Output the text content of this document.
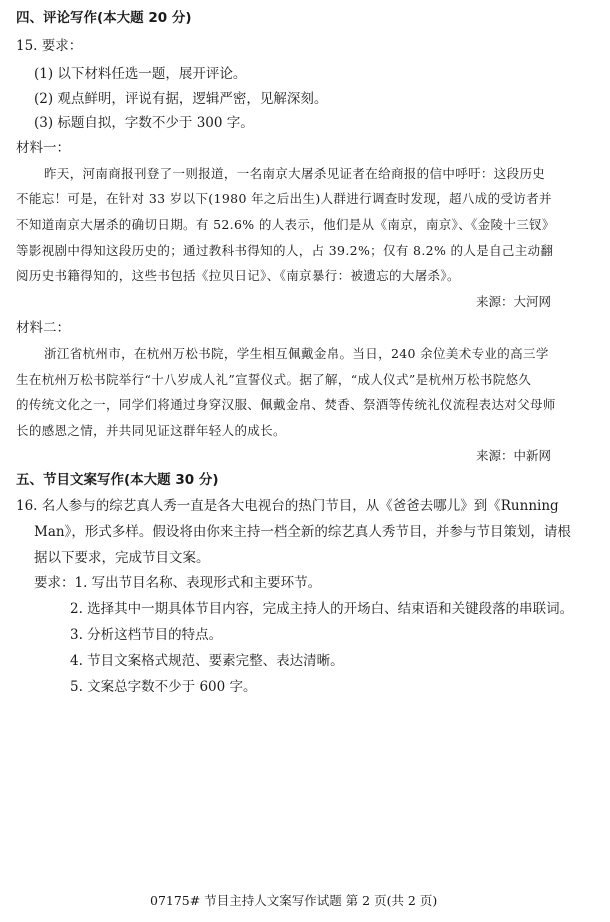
四、评论写作(本大题 20 分)
15. 要求：
(1) 以下材料任选一题，展开评论。
(2) 观点鲜明，评说有据，逻辑严密，见解深刻。
(3) 标题自拟，字数不少于 300 字。
材料一：
昨天，河南商报刊登了一则报道，一名南京大屠杀见证者在给商报的信中呼吁：这段历史
不能忘！可是，在针对 33 岁以下(1980 年之后出生)人群进行调查时发现，超八成的受访者并
不知道南京大屠杀的确切日期。有 52.6% 的人表示，他们是从《南京，南京》、《金陵十三钗》
等影视剧中得知这段历史的；通过教科书得知的人，占 39.2%；仅有 8.2% 的人是自己主动翻
阅历史书籍得知的，这些书包括《拉贝日记》、《南京暴行：被遗忘的大屠杀》。
来源：大河网
材料二：
浙江省杭州市，在杭州万松书院，学生相互佩戴金帛。当日，240 余位美术专业的高三学
生在杭州万松书院举行“十八岁成人礼”宣誓仪式。据了解，“成人仪式”是杭州万松书院悠久
的传统文化之一，同学们将通过身穿汉服、佩戴金帛、焚香、祭酒等传统礼仪流程表达对父母师
长的感恩之情，并共同见证这群年轻人的成长。
来源：中新网
五、节目文案写作(本大题 30 分)
16. 名人参与的综艺真人秀一直是各大电视台的热门节目，从《爸爸去哪儿》到《Running
Man》，形式多样。假设将由你来主持一档全新的综艺真人秀节目，并参与节目策划，请根
据以下要求，完成节目文案。
要求：1. 写出节目名称、表现形式和主要环节。
2. 选择其中一期具体节目内容，完成主持人的开场白、结束语和关键段落的串联词。
3. 分析这档节目的特点。
4. 节目文案格式规范、要素完整、表达清晰。
5. 文案总字数不少于 600 字。
07175# 节目主持人文案写作试题 第 2 页(共 2 页)
